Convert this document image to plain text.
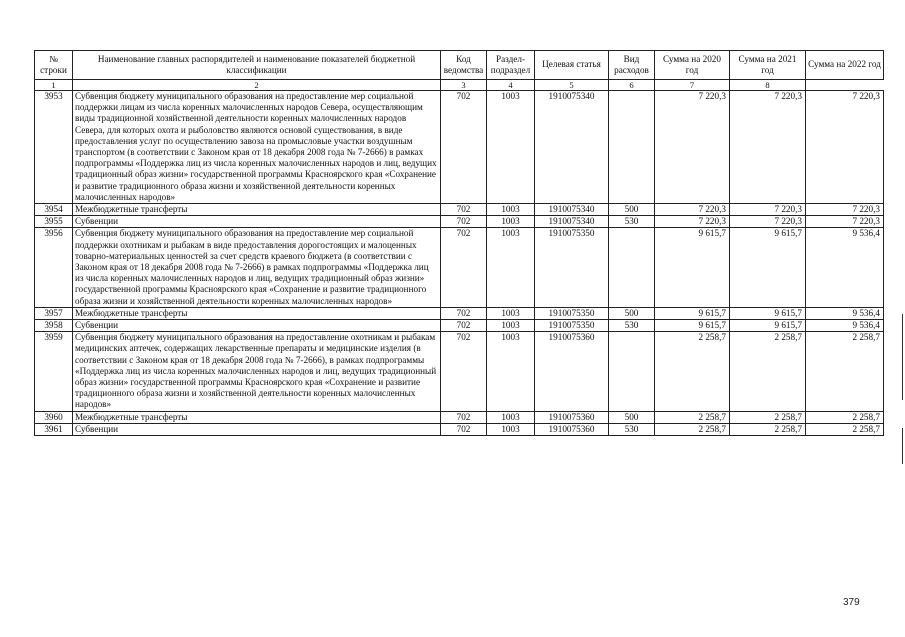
№ строки	Наименование главных распорядителей и наименование показателей бюджетной классификации	Код ведомства	Раздел-подраздел	Целевая статья	Вид расходов	Сумма на 2020 год	Сумма на 2021 год	Сумма на 2022 год
1	2	3	4	5	6	7	8
3953	Субвенция бюджету муниципального образования на предоставление мер социальной поддержки лицам из числа коренных малочисленных народов Севера, осуществляющим виды традиционной хозяйственной деятельности коренных малочисленных народов Севера, для которых охота и рыболовство являются основой существования, в виде предоставления услуг по осуществлению завоза на промысловые участки воздушным транспортом (в соответствии с Законом края от 18 декабря 2008 года № 7-2666) в рамках подпрограммы «Поддержка лиц из числа коренных малочисленных народов и лиц, ведущих традиционный образ жизни» государственной программы Красноярского края «Сохранение и развитие традиционного образа жизни и хозяйственной деятельности коренных малочисленных народов»	702	1003	1910075340		7 220,3	7 220,3	7 220,3
3954	Межбюджетные трансферты	702	1003	1910075340	500	7 220,3	7 220,3	7 220,3
3955	Субвенции	702	1003	1910075340	530	7 220,3	7 220,3	7 220,3
3956	Субвенция бюджету муниципального образования на предоставление мер социальной поддержки охотникам и рыбакам в виде предоставления дорогостоящих и малоценных товарно-материальных ценностей за счет средств краевого бюджета (в соответствии с Законом края от 18 декабря 2008 года № 7-2666) в рамках подпрограммы «Поддержка лиц из числа коренных малочисленных народов и лиц, ведущих традиционный образ жизни» государственной программы Красноярского края «Сохранение и развитие традиционного образа жизни и хозяйственной деятельности коренных малочисленных народов»	702	1003	1910075350		9 615,7	9 615,7	9 536,4
3957	Межбюджетные трансферты	702	1003	1910075350	500	9 615,7	9 615,7	9 536,4
3958	Субвенции	702	1003	1910075350	530	9 615,7	9 615,7	9 536,4
3959	Субвенция бюджету муниципального образования на предоставление охотникам и рыбакам медицинских аптечек, содержащих лекарственные препараты и медицинские изделия (в соответствии с Законом края от 18 декабря 2008 года № 7-2666), в рамках подпрограммы «Поддержка лиц из числа коренных малочисленных народов и лиц, ведущих традиционный образ жизни» государственной программы Красноярского края «Сохранение и развитие традиционного образа жизни и хозяйственной деятельности коренных малочисленных народов»	702	1003	1910075360		2 258,7	2 258,7	2 258,7
3960	Межбюджетные трансферты	702	1003	1910075360	500	2 258,7	2 258,7	2 258,7
3961	Субвенции	702	1003	1910075360	530	2 258,7	2 258,7	2 258,7
379
